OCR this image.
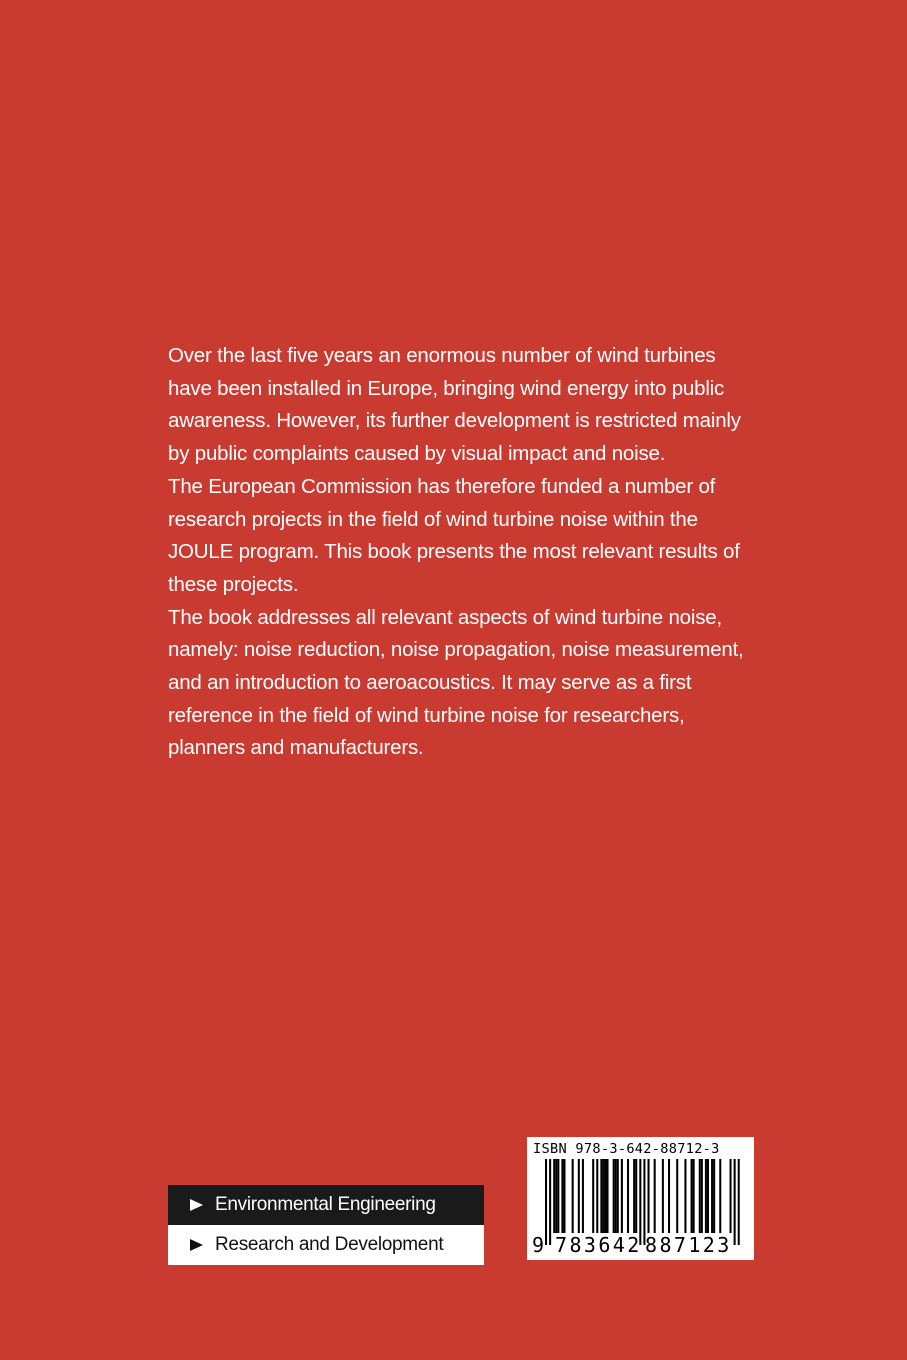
Over the last five years an enormous number of wind turbines
have been installed in Europe, bringing wind energy into public
awareness. However, its further development is restricted mainly
by public complaints caused by visual impact and noise.
The European Commission has therefore funded a number of
research projects in the field of wind turbine noise within the
JOULE program. This book presents the most relevant results of
these projects.
The book addresses all relevant aspects of wind turbine noise,
namely: noise reduction, noise propagation, noise measurement,
and an introduction to aeroacoustics. It may serve as a first
reference in the field of wind turbine noise for researchers,
planners and manufacturers.
Environmental Engineering
Research and Development
ISBN 978-3-642-88712-3
9 783642 887123
